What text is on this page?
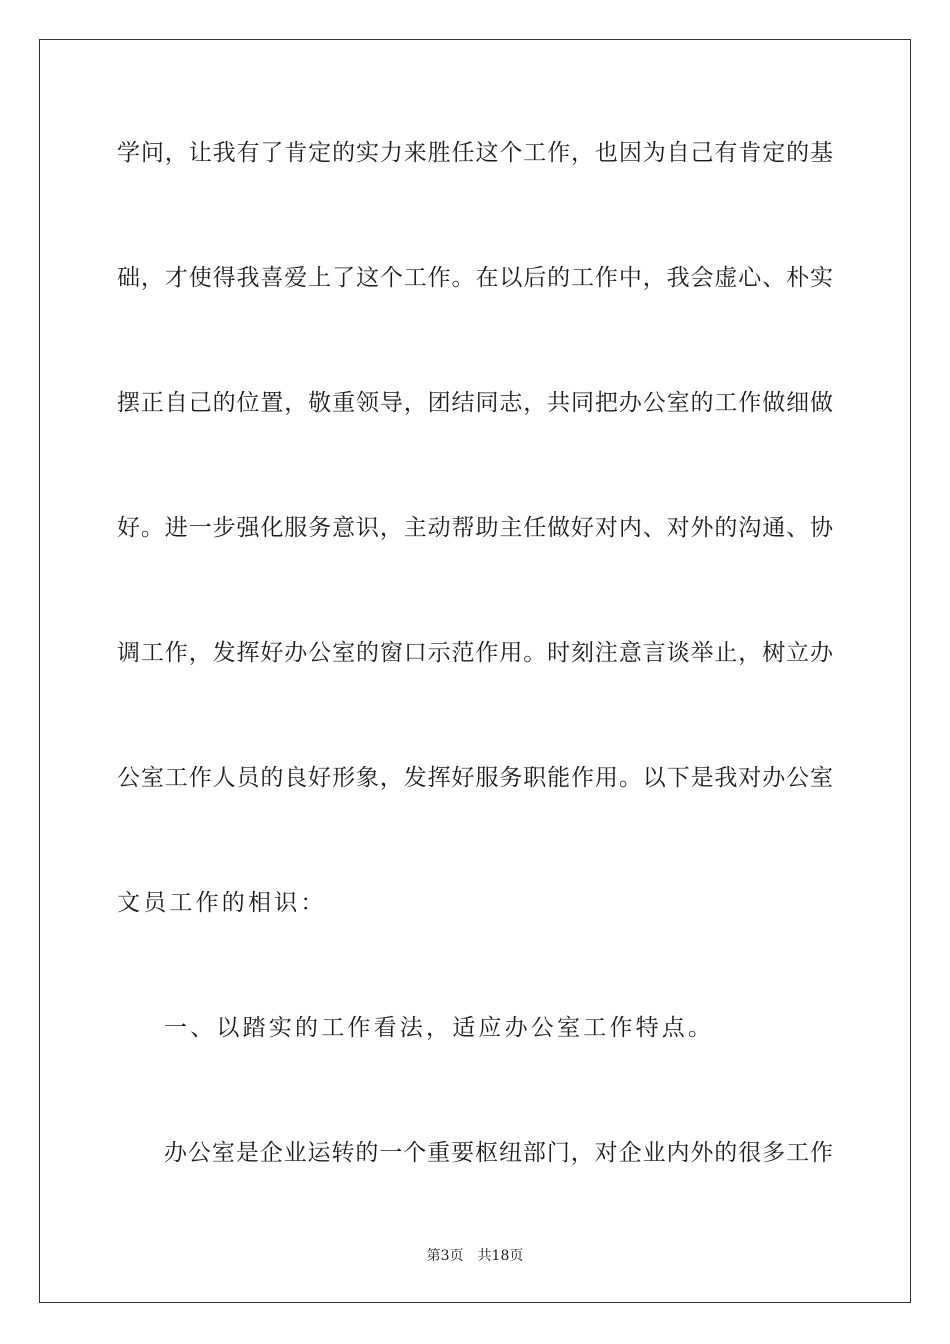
学问，让我有了肯定的实力来胜任这个工作，也因为自己有肯定的基
础，才使得我喜爱上了这个工作。在以后的工作中，我会虚心、朴实
摆正自己的位置，敬重领导，团结同志，共同把办公室的工作做细做
好。进一步强化服务意识，主动帮助主任做好对内、对外的沟通、协
调工作，发挥好办公室的窗口示范作用。时刻注意言谈举止，树立办
公室工作人员的良好形象，发挥好服务职能作用。以下是我对办公室
文员工作的相识：
一、以踏实的工作看法，适应办公室工作特点。
办公室是企业运转的一个重要枢纽部门，对企业内外的很多工作
第3页 共18页
